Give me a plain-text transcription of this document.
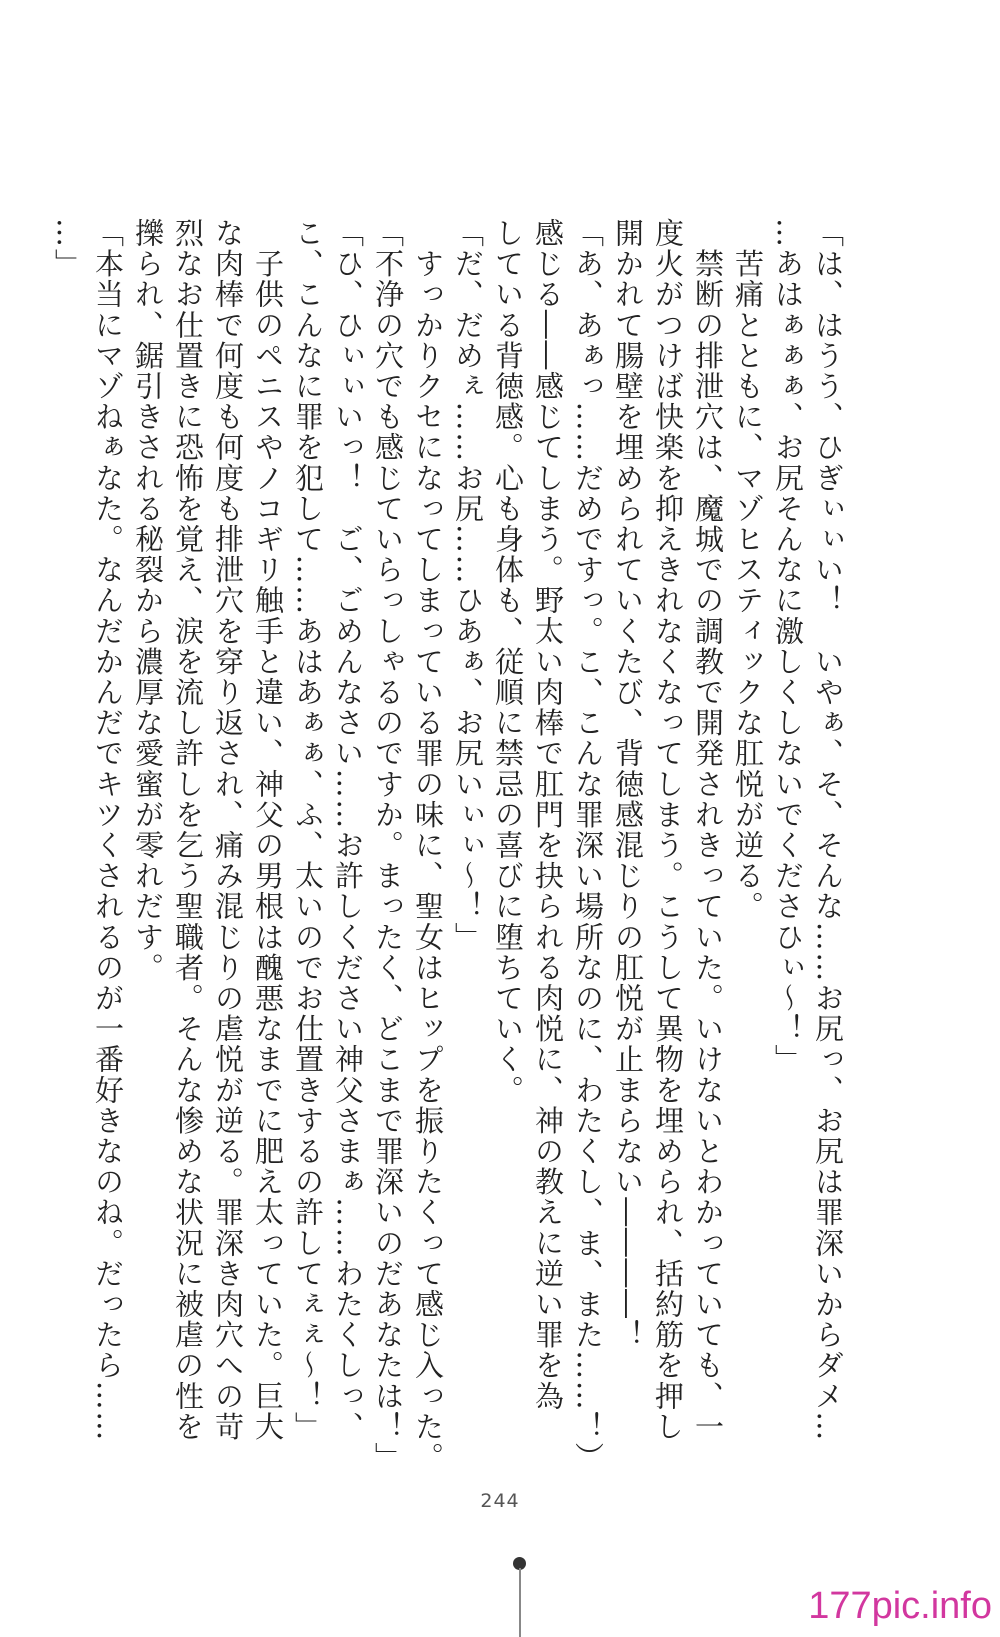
「は、はうう、ひぎぃぃい！　いやぁ、そ、そんな……お尻っ、お尻は罪深いからダメ…
…あはぁぁぁ、お尻そんなに激しくしないでくださひぃ～！」
　苦痛とともに、マゾヒスティックな肛悦が逆る。
　禁断の排泄穴は、魔城での調教で開発されきっていた。いけないとわかっていても、一
度火がつけば快楽を抑えきれなくなってしまう。こうして異物を埋められ、括約筋を押し
開かれて腸壁を埋められていくたび、背徳感混じりの肛悦が止まらない――――！
「あ、あぁっ……だめですっ。こ、こんな罪深い場所なのに、わたくし、ま、また……！）
感じる――感じてしまう。野太い肉棒で肛門を抉られる肉悦に、神の教えに逆い罪を為
している背徳感。心も身体も、従順に禁忌の喜びに堕ちていく。
「だ、だめぇ……お尻……ひあぁ、お尻いぃぃ～！」
　すっかりクセになってしまっている罪の味に、聖女はヒップを振りたくって感じ入った。
「不浄の穴でも感じていらっしゃるのですか。まったく、どこまで罪深いのだあなたは！」
「ひ、ひぃぃいっ！　ご、ごめんなさい……お許しください神父さまぁ……わたくしっ、
こ、こんなに罪を犯して……あはあぁぁ、ふ、太いのでお仕置きするの許してぇぇ～！」
　子供のペニスやノコギリ触手と違い、神父の男根は醜悪なまでに肥え太っていた。巨大
な肉棒で何度も何度も排泄穴を穿り返され、痛み混じりの虐悦が逆る。罪深き肉穴への苛
烈なお仕置きに恐怖を覚え、涙を流し許しを乞う聖職者。そんな惨めな状況に被虐の性を
擽られ、鋸引きされる秘裂から濃厚な愛蜜が零れだす。
「本当にマゾねぁなた。なんだかんだでキツくされるのが一番好きなのね。だったら……
…」
244
177pic.info
